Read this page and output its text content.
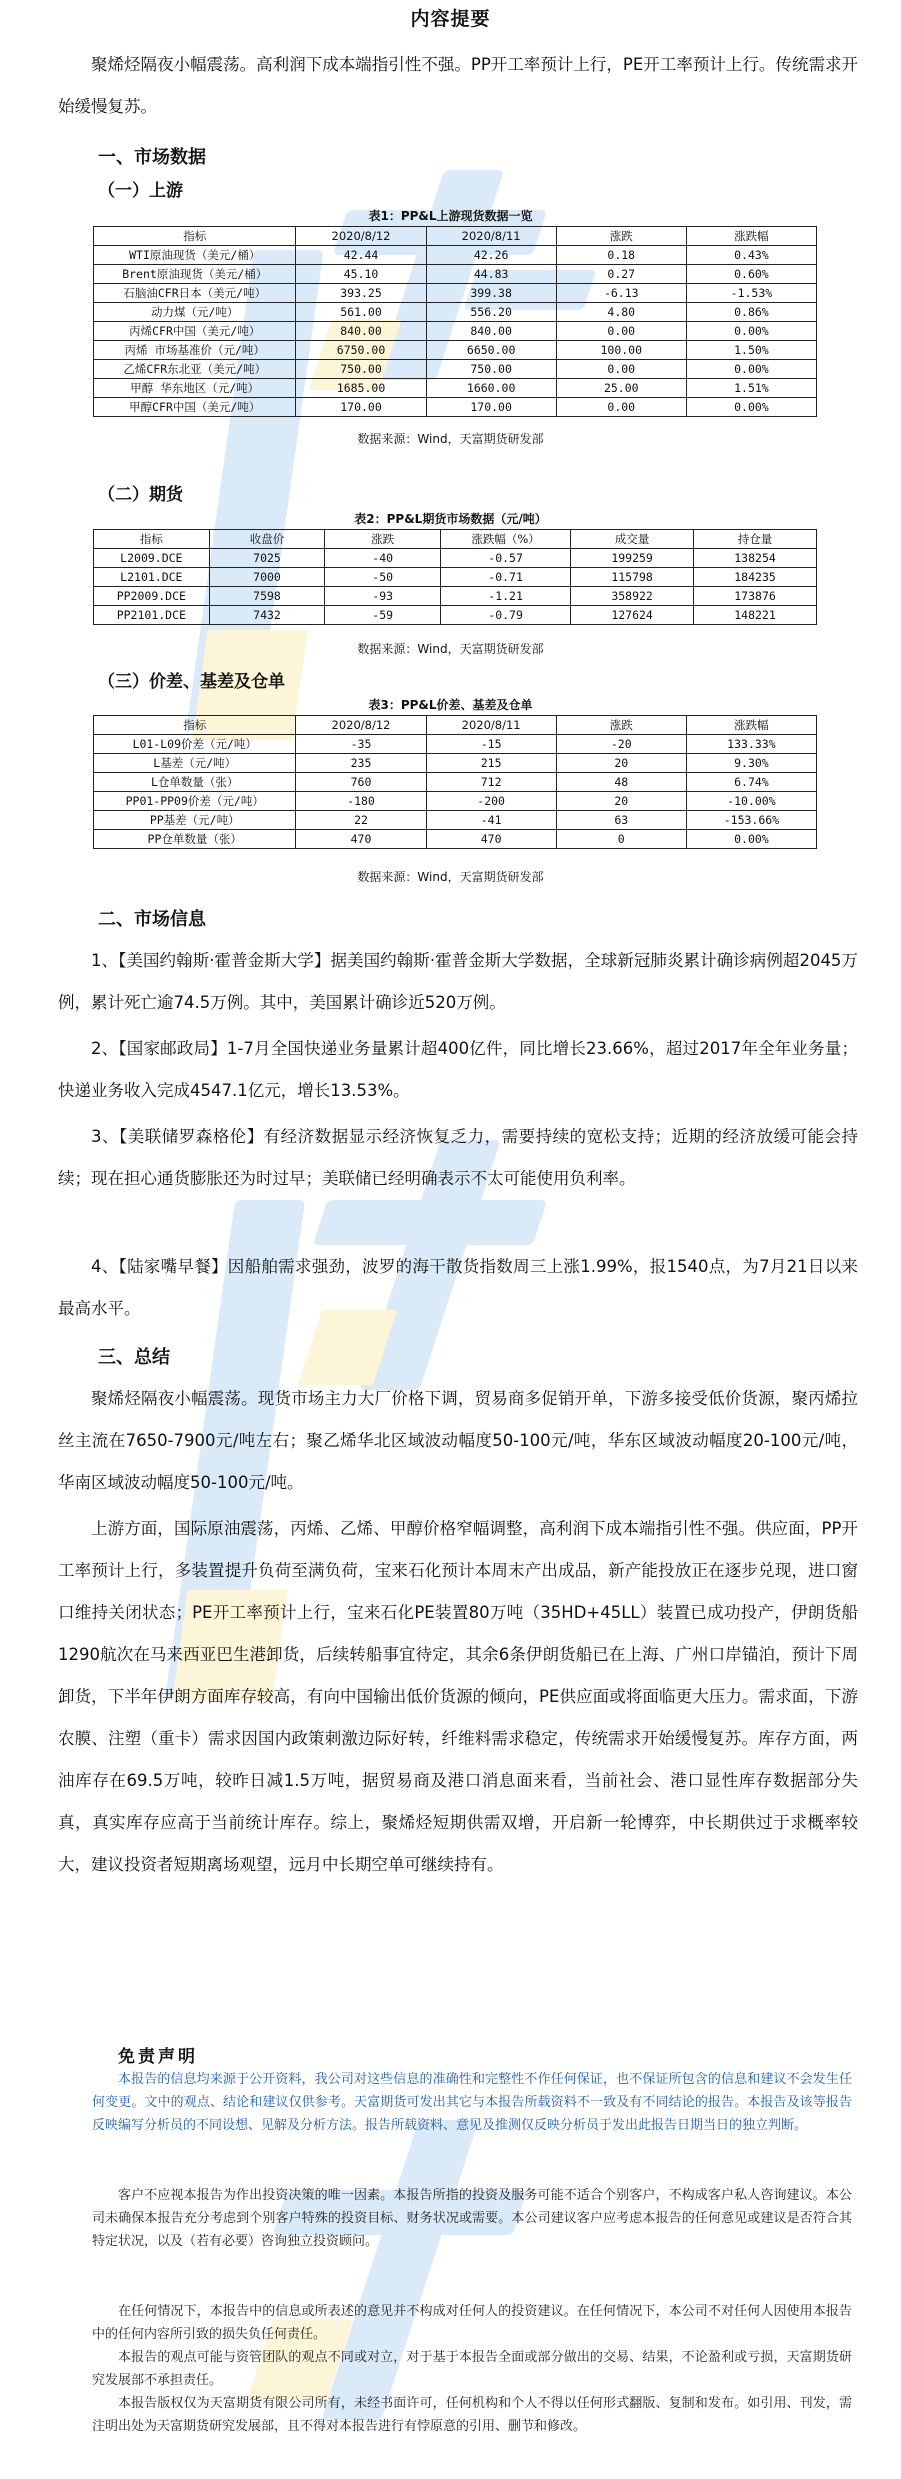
内容提要
聚烯烃隔夜小幅震荡。高利润下成本端指引性不强。PP开工率预计上行，PE开工率预计上行。传统需求开始缓慢复苏。
一、市场数据
（一）上游
表1：PP&L上游现货数据一览
指标	2020/8/12	2020/8/11	涨跌	涨跌幅
WTI原油现货（美元/桶）	42.44	42.26	0.18	0.43%
Brent原油现货（美元/桶）	45.10	44.83	0.27	0.60%
石脑油CFR日本（美元/吨）	393.25	399.38	-6.13	-1.53%
动力煤（元/吨）	561.00	556.20	4.80	0.86%
丙烯CFR中国（美元/吨）	840.00	840.00	0.00	0.00%
丙烯 市场基准价（元/吨）	6750.00	6650.00	100.00	1.50%
乙烯CFR东北亚（美元/吨）	750.00	750.00	0.00	0.00%
甲醇 华东地区（元/吨）	1685.00	1660.00	25.00	1.51%
甲醇CFR中国（美元/吨）	170.00	170.00	0.00	0.00%
数据来源：Wind，天富期货研发部
（二）期货
表2：PP&L期货市场数据（元/吨）
指标	收盘价	涨跌	涨跌幅（%）	成交量	持仓量
L2009.DCE	7025	-40	-0.57	199259	138254
L2101.DCE	7000	-50	-0.71	115798	184235
PP2009.DCE	7598	-93	-1.21	358922	173876
PP2101.DCE	7432	-59	-0.79	127624	148221
数据来源：Wind，天富期货研发部
（三）价差、基差及仓单
表3：PP&L价差、基差及仓单
指标	2020/8/12	2020/8/11	涨跌	涨跌幅
L01-L09价差（元/吨）	-35	-15	-20	133.33%
L基差（元/吨）	235	215	20	9.30%
L仓单数量（张）	760	712	48	6.74%
PP01-PP09价差（元/吨）	-180	-200	20	-10.00%
PP基差（元/吨）	22	-41	63	-153.66%
PP仓单数量（张）	470	470	0	0.00%
数据来源：Wind，天富期货研发部
二、市场信息
1、【美国约翰斯·霍普金斯大学】据美国约翰斯·霍普金斯大学数据，全球新冠肺炎累计确诊病例超2045万例，累计死亡逾74.5万例。其中，美国累计确诊近520万例。
2、【国家邮政局】1-7月全国快递业务量累计超400亿件，同比增长23.66%，超过2017年全年业务量；快递业务收入完成4547.1亿元，增长13.53%。
3、【美联储罗森格伦】有经济数据显示经济恢复乏力，需要持续的宽松支持；近期的经济放缓可能会持续；现在担心通货膨胀还为时过早；美联储已经明确表示不太可能使用负利率。
4、【陆家嘴早餐】因船舶需求强劲，波罗的海干散货指数周三上涨1.99%，报1540点，为7月21日以来最高水平。
三、总结
聚烯烃隔夜小幅震荡。现货市场主力大厂价格下调，贸易商多促销开单，下游多接受低价货源，聚丙烯拉丝主流在7650-7900元/吨左右；聚乙烯华北区域波动幅度50-100元/吨，华东区域波动幅度20-100元/吨，华南区域波动幅度50-100元/吨。
上游方面，国际原油震荡，丙烯、乙烯、甲醇价格窄幅调整，高利润下成本端指引性不强。供应面，PP开工率预计上行，多装置提升负荷至满负荷，宝来石化预计本周末产出成品，新产能投放正在逐步兑现，进口窗口维持关闭状态；PE开工率预计上行，宝来石化PE装置80万吨（35HD+45LL）装置已成功投产，伊朗货船1290航次在马来西亚巴生港卸货，后续转船事宜待定，其余6条伊朗货船已在上海、广州口岸锚泊，预计下周卸货，下半年伊朗方面库存较高，有向中国输出低价货源的倾向，PE供应面或将面临更大压力。需求面，下游农膜、注塑（重卡）需求因国内政策刺激边际好转，纤维料需求稳定，传统需求开始缓慢复苏。库存方面，两油库存在69.5万吨，较昨日减1.5万吨，据贸易商及港口消息面来看，当前社会、港口显性库存数据部分失真，真实库存应高于当前统计库存。综上，聚烯烃短期供需双增，开启新一轮博弈，中长期供过于求概率较大，建议投资者短期离场观望，远月中长期空单可继续持有。
免责声明
本报告的信息均来源于公开资料，我公司对这些信息的准确性和完整性不作任何保证，也不保证所包含的信息和建议不会发生任何变更。文中的观点、结论和建议仅供参考。天富期货可发出其它与本报告所载资料不一致及有不同结论的报告。本报告及该等报告反映编写分析员的不同设想、见解及分析方法。报告所载资料、意见及推测仅反映分析员于发出此报告日期当日的独立判断。
客户不应视本报告为作出投资决策的唯一因素。本报告所指的投资及服务可能不适合个别客户，不构成客户私人咨询建议。本公司未确保本报告充分考虑到个别客户特殊的投资目标、财务状况或需要。本公司建议客户应考虑本报告的任何意见或建议是否符合其特定状况，以及（若有必要）咨询独立投资顾问。
在任何情况下，本报告中的信息或所表述的意见并不构成对任何人的投资建议。在任何情况下，本公司不对任何人因使用本报告中的任何内容所引致的损失负任何责任。
本报告的观点可能与资管团队的观点不同或对立，对于基于本报告全面或部分做出的交易、结果，不论盈利或亏损，天富期货研究发展部不承担责任。
本报告版权仅为天富期货有限公司所有，未经书面许可，任何机构和个人不得以任何形式翻版、复制和发布。如引用、刊发，需注明出处为天富期货研究发展部，且不得对本报告进行有悖原意的引用、删节和修改。
